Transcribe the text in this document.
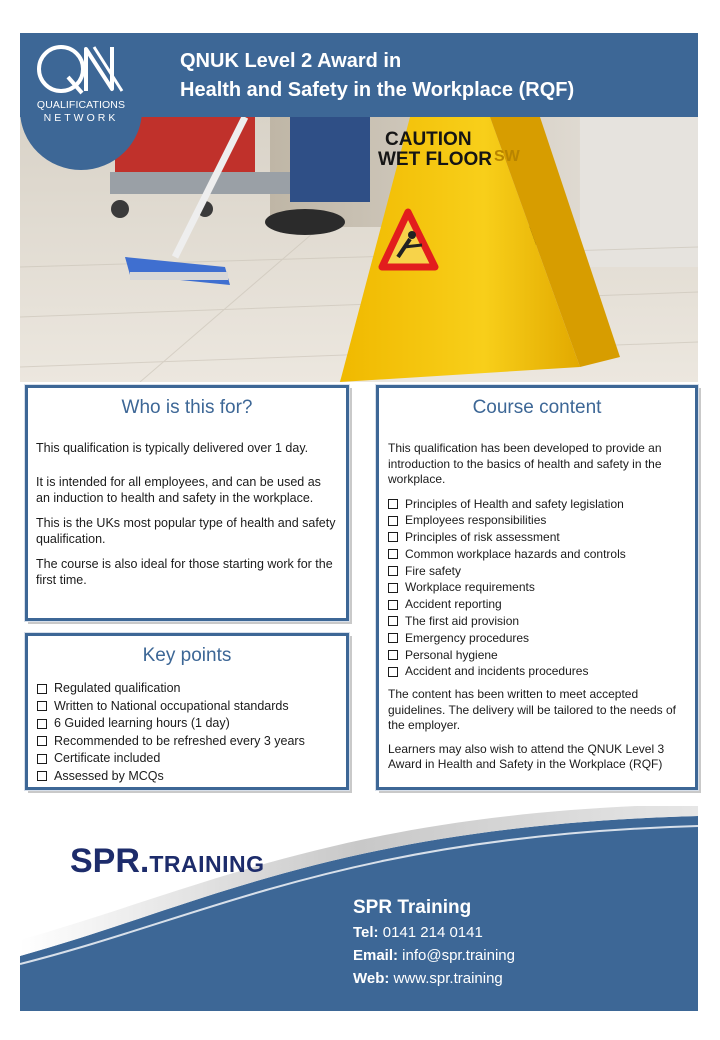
QUALIFICATIONS
NETWORK
QNUK Level 2 Award in
Health and Safety in the Workplace (RQF)
CAUTION
WET FLOOR SW
Who is this for?

This qualification is typically delivered over 1 day.

It is intended for all employees, and can be used as an induction to health and safety in the workplace.

This is the UKs most popular type of health and safety qualification.

The course is also ideal for those starting work for the first time.

Key points
Regulated qualification
Written to National occupational standards
6 Guided learning hours (1 day)
Recommended to be refreshed every 3 years
Certificate included
Assessed by MCQs
Course content

This qualification has been developed to provide an introduction to the basics of health and safety in the workplace.

Principles of Health and safety legislation
Employees responsibilities
Principles of risk assessment
Common workplace hazards and controls
Fire safety
Workplace requirements
Accident reporting
The first aid provision
Emergency procedures
Personal hygiene
Accident and incidents procedures

The content has been written to meet accepted guidelines. The delivery will be tailored to the needs of the employer.

Learners may also wish to attend the QNUK Level 3 Award in Health and Safety in the Workplace (RQF)

SPR.TRAINING
SPR Training
Tel: 0141 214 0141
Email: info@spr.training
Web: www.spr.training
